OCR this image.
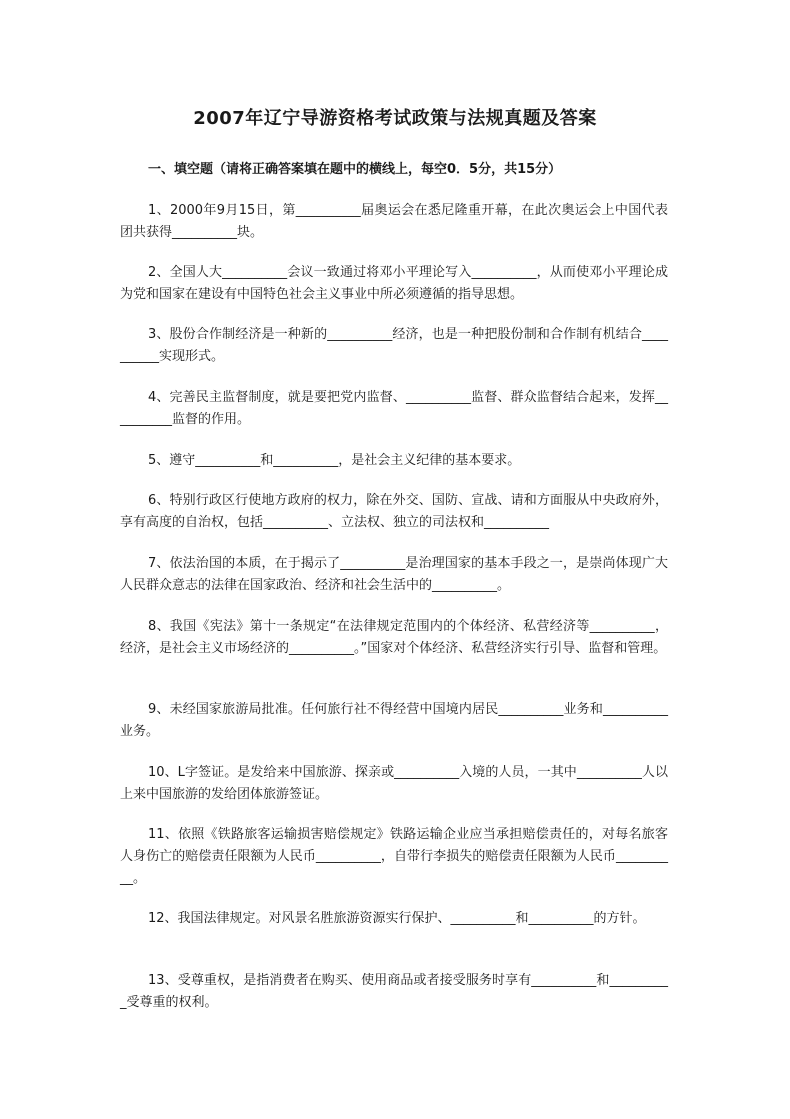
2007年辽宁导游资格考试政策与法规真题及答案
一、填空题（请将正确答案填在题中的横线上，每空0．5分，共15分）
1、2000年9月15日，第__________届奥运会在悉尼隆重开幕，在此次奥运会上中国代表团共获得__________块。
2、全国人大__________会议一致通过将邓小平理论写入__________，从而使邓小平理论成为党和国家在建设有中国特色社会主义事业中所必须遵循的指导思想。
3、股份合作制经济是一种新的__________经济，也是一种把股份制和合作制有机结合__________实现形式。
4、完善民主监督制度，就是要把党内监督、__________监督、群众监督结合起来，发挥__________监督的作用。
5、遵守__________和__________，是社会主义纪律的基本要求。
6、特别行政区行使地方政府的权力，除在外交、国防、宣战、请和方面服从中央政府外，享有高度的自治权，包括__________、立法权、独立的司法权和__________
7、依法治国的本质，在于揭示了__________是治理国家的基本手段之一，是崇尚体现广大人民群众意志的法律在国家政治、经济和社会生活中的__________。
8、我国《宪法》第十一条规定“在法律规定范围内的个体经济、私营经济等__________，经济，是社会主义市场经济的__________。”国家对个体经济、私营经济实行引导、监督和管理。
9、未经国家旅游局批准。任何旅行社不得经营中国境内居民__________业务和__________业务。
10、L字签证。是发给来中国旅游、探亲或__________入境的人员，一其中__________人以上来中国旅游的发给团体旅游签证。
11、依照《铁路旅客运输损害赔偿规定》铁路运输企业应当承担赔偿责任的，对每名旅客人身伤亡的赔偿责任限额为人民币__________，自带行李损失的赔偿责任限额为人民币__________。
12、我国法律规定。对风景名胜旅游资源实行保护、__________和__________的方针。
13、受尊重权，是指消费者在购买、使用商品或者接受服务时享有__________和__________受尊重的权利。
